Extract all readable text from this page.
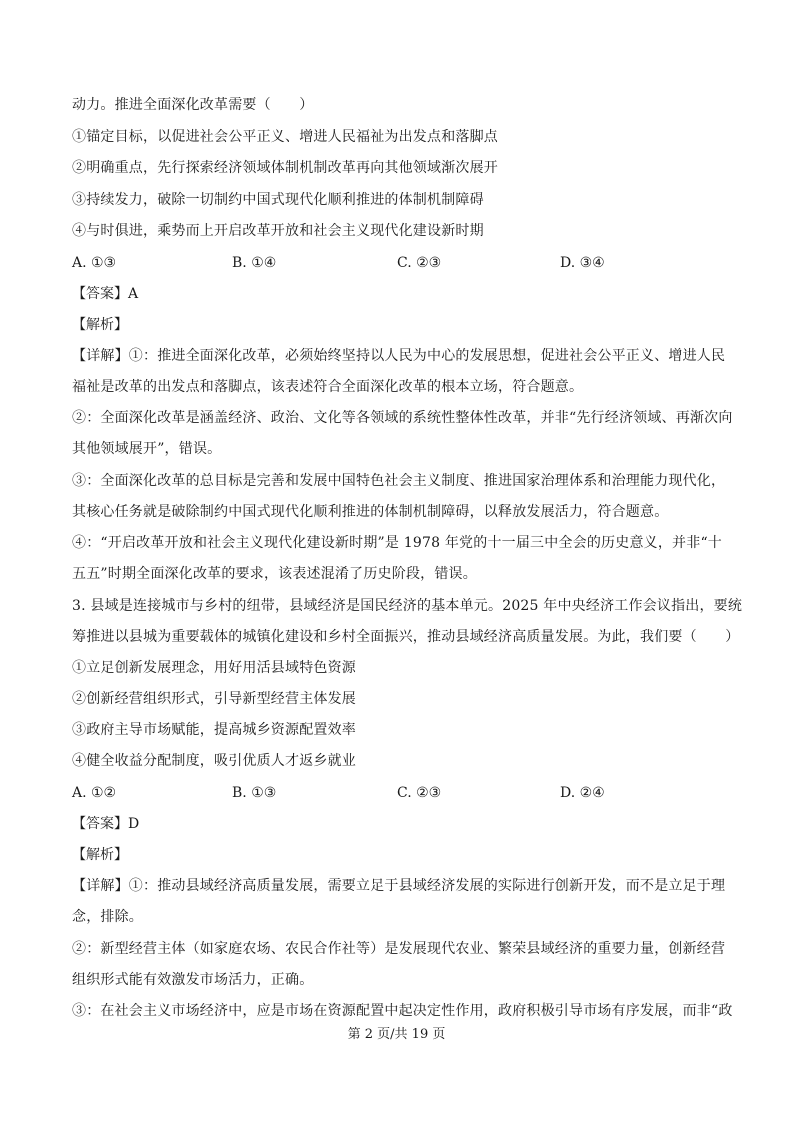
动力。推进全面深化改革需要（　　）
①锚定目标，以促进社会公平正义、增进人民福祉为出发点和落脚点
②明确重点，先行探索经济领域体制机制改革再向其他领域渐次展开
③持续发力，破除一切制约中国式现代化顺利推进的体制机制障碍
④与时俱进，乘势而上开启改革开放和社会主义现代化建设新时期
A. ①③	B. ①④	C. ②③	D. ③④
【答案】A
【解析】
【详解】①：推进全面深化改革，必须始终坚持以人民为中心的发展思想，促进社会公平正义、增进人民
福祉是改革的出发点和落脚点，该表述符合全面深化改革的根本立场，符合题意。
②：全面深化改革是涵盖经济、政治、文化等各领域的系统性整体性改革，并非“先行经济领域、再渐次向
其他领域展开”，错误。
③：全面深化改革的总目标是完善和发展中国特色社会主义制度、推进国家治理体系和治理能力现代化，
其核心任务就是破除制约中国式现代化顺利推进的体制机制障碍，以释放发展活力，符合题意。
④：“开启改革开放和社会主义现代化建设新时期”是 1978 年党的十一届三中全会的历史意义，并非“十
五五”时期全面深化改革的要求，该表述混淆了历史阶段，错误。
3. 县域是连接城市与乡村的纽带，县域经济是国民经济的基本单元。2025 年中央经济工作会议指出，要统
筹推进以县城为重要载体的城镇化建设和乡村全面振兴，推动县域经济高质量发展。为此，我们要（　　）
①立足创新发展理念，用好用活县域特色资源
②创新经营组织形式，引导新型经营主体发展
③政府主导市场赋能，提高城乡资源配置效率
④健全收益分配制度，吸引优质人才返乡就业
A. ①②	B. ①③	C. ②③	D. ②④
【答案】D
【解析】
【详解】①：推动县域经济高质量发展，需要立足于县域经济发展的实际进行创新开发，而不是立足于理
念，排除。
②：新型经营主体（如家庭农场、农民合作社等）是发展现代农业、繁荣县域经济的重要力量，创新经营
组织形式能有效激发市场活力，正确。
③：在社会主义市场经济中，应是市场在资源配置中起决定性作用，政府积极引导市场有序发展，而非“政
第 2 页/共 19 页
